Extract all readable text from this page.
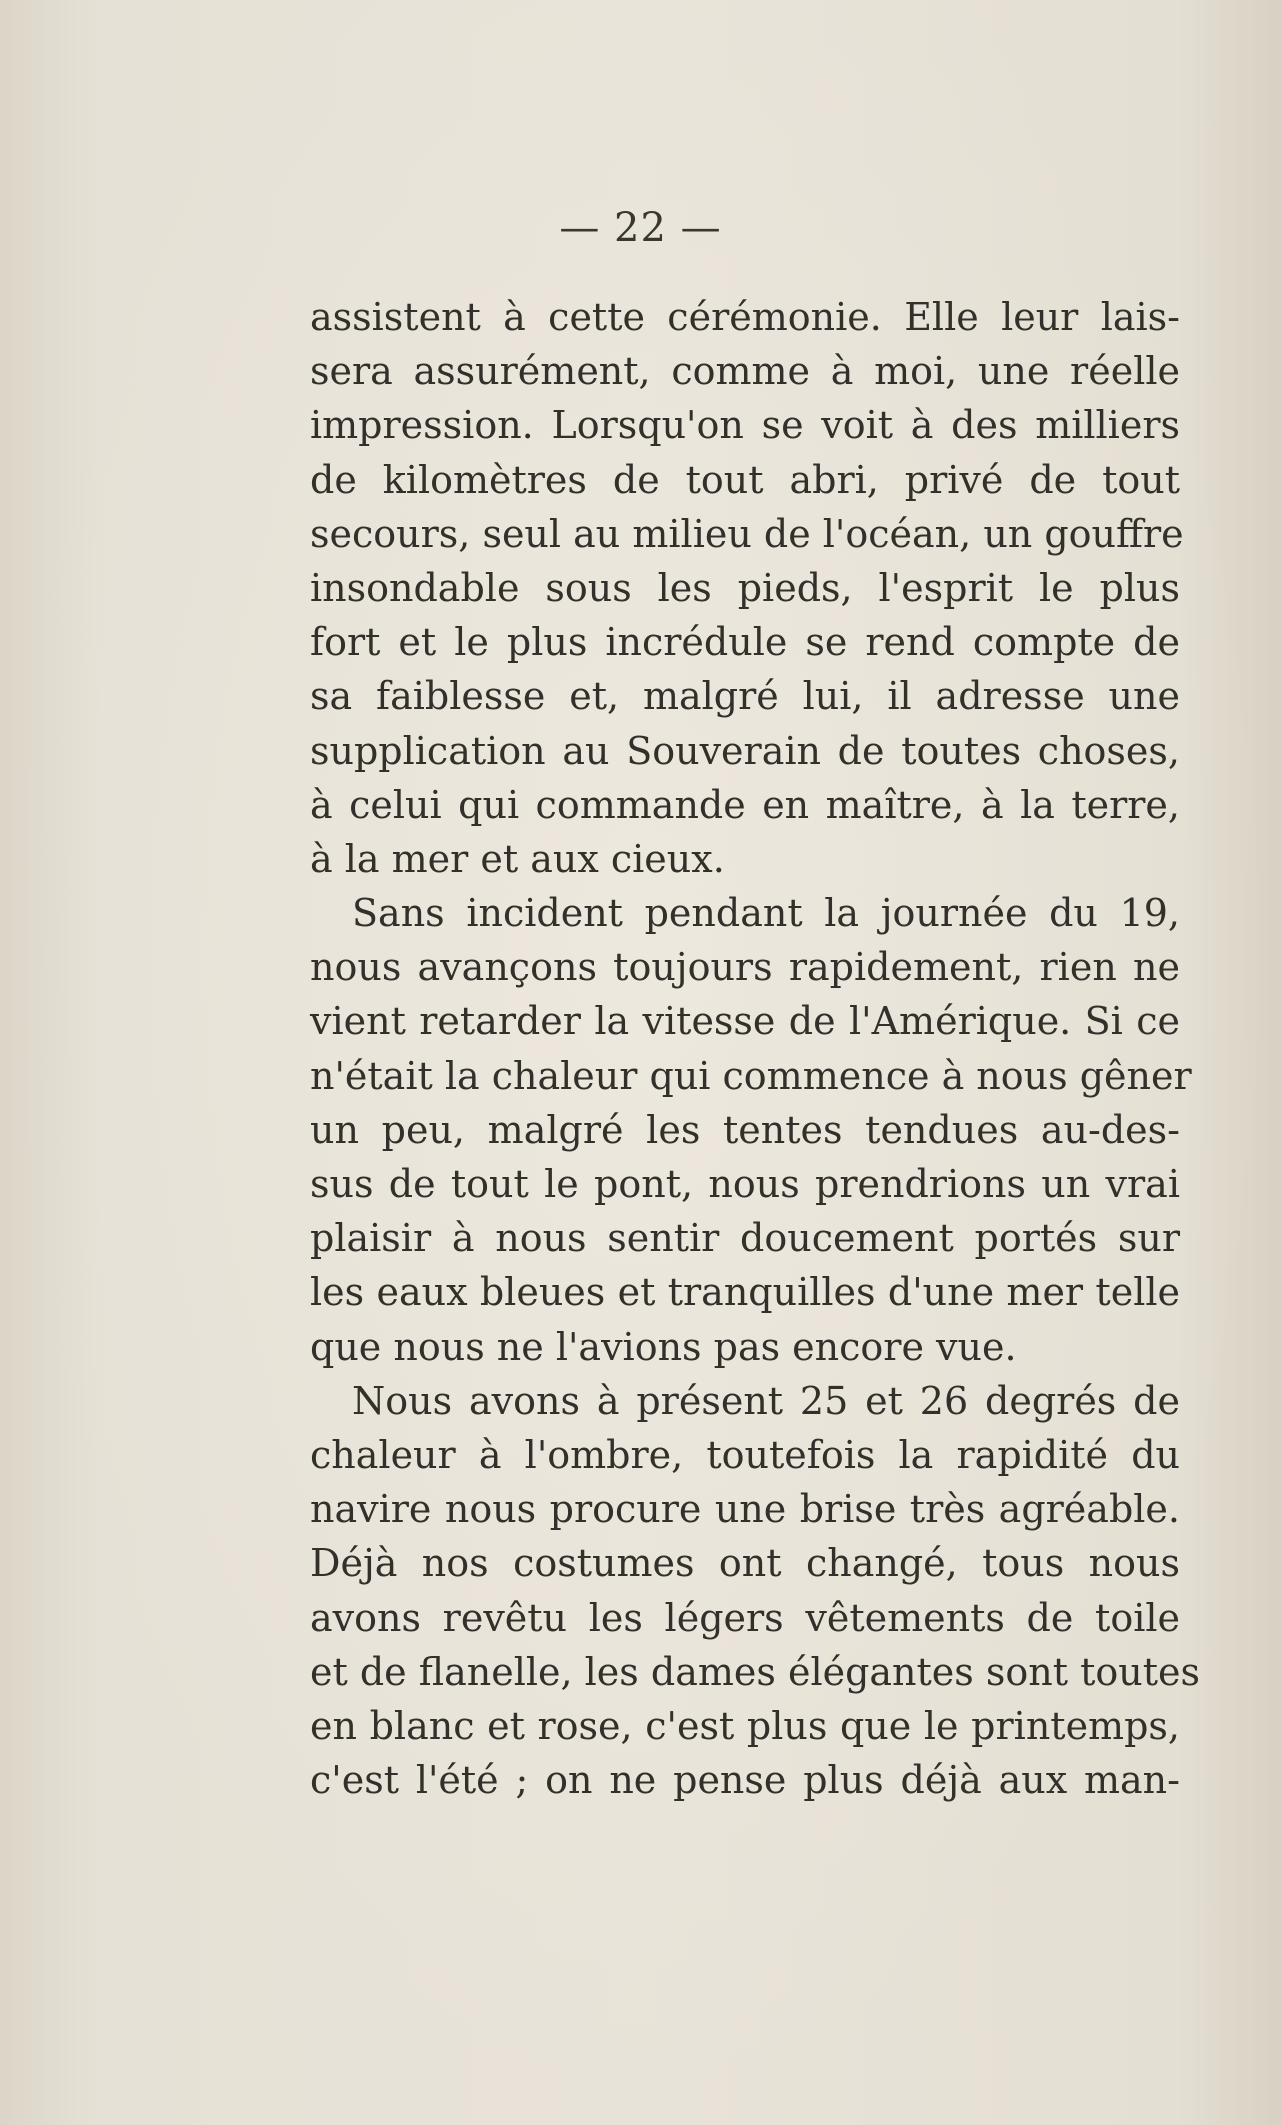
— 22 —
assistent à cette cérémonie. Elle leur lais-
sera assurément, comme à moi, une réelle
impression. Lorsqu'on se voit à des milliers
de kilomètres de tout abri, privé de tout
secours, seul au milieu de l'océan, un gouffre
insondable sous les pieds, l'esprit le plus
fort et le plus incrédule se rend compte de
sa faiblesse et, malgré lui, il adresse une
supplication au Souverain de toutes choses,
à celui qui commande en maître, à la terre,
à la mer et aux cieux.
Sans incident pendant la journée du 19,
nous avançons toujours rapidement, rien ne
vient retarder la vitesse de l'Amérique. Si ce
n'était la chaleur qui commence à nous gêner
un peu, malgré les tentes tendues au-des-
sus de tout le pont, nous prendrions un vrai
plaisir à nous sentir doucement portés sur
les eaux bleues et tranquilles d'une mer telle
que nous ne l'avions pas encore vue.
Nous avons à présent 25 et 26 degrés de
chaleur à l'ombre, toutefois la rapidité du
navire nous procure une brise très agréable.
Déjà nos costumes ont changé, tous nous
avons revêtu les légers vêtements de toile
et de flanelle, les dames élégantes sont toutes
en blanc et rose, c'est plus que le printemps,
c'est l'été ; on ne pense plus déjà aux man-
